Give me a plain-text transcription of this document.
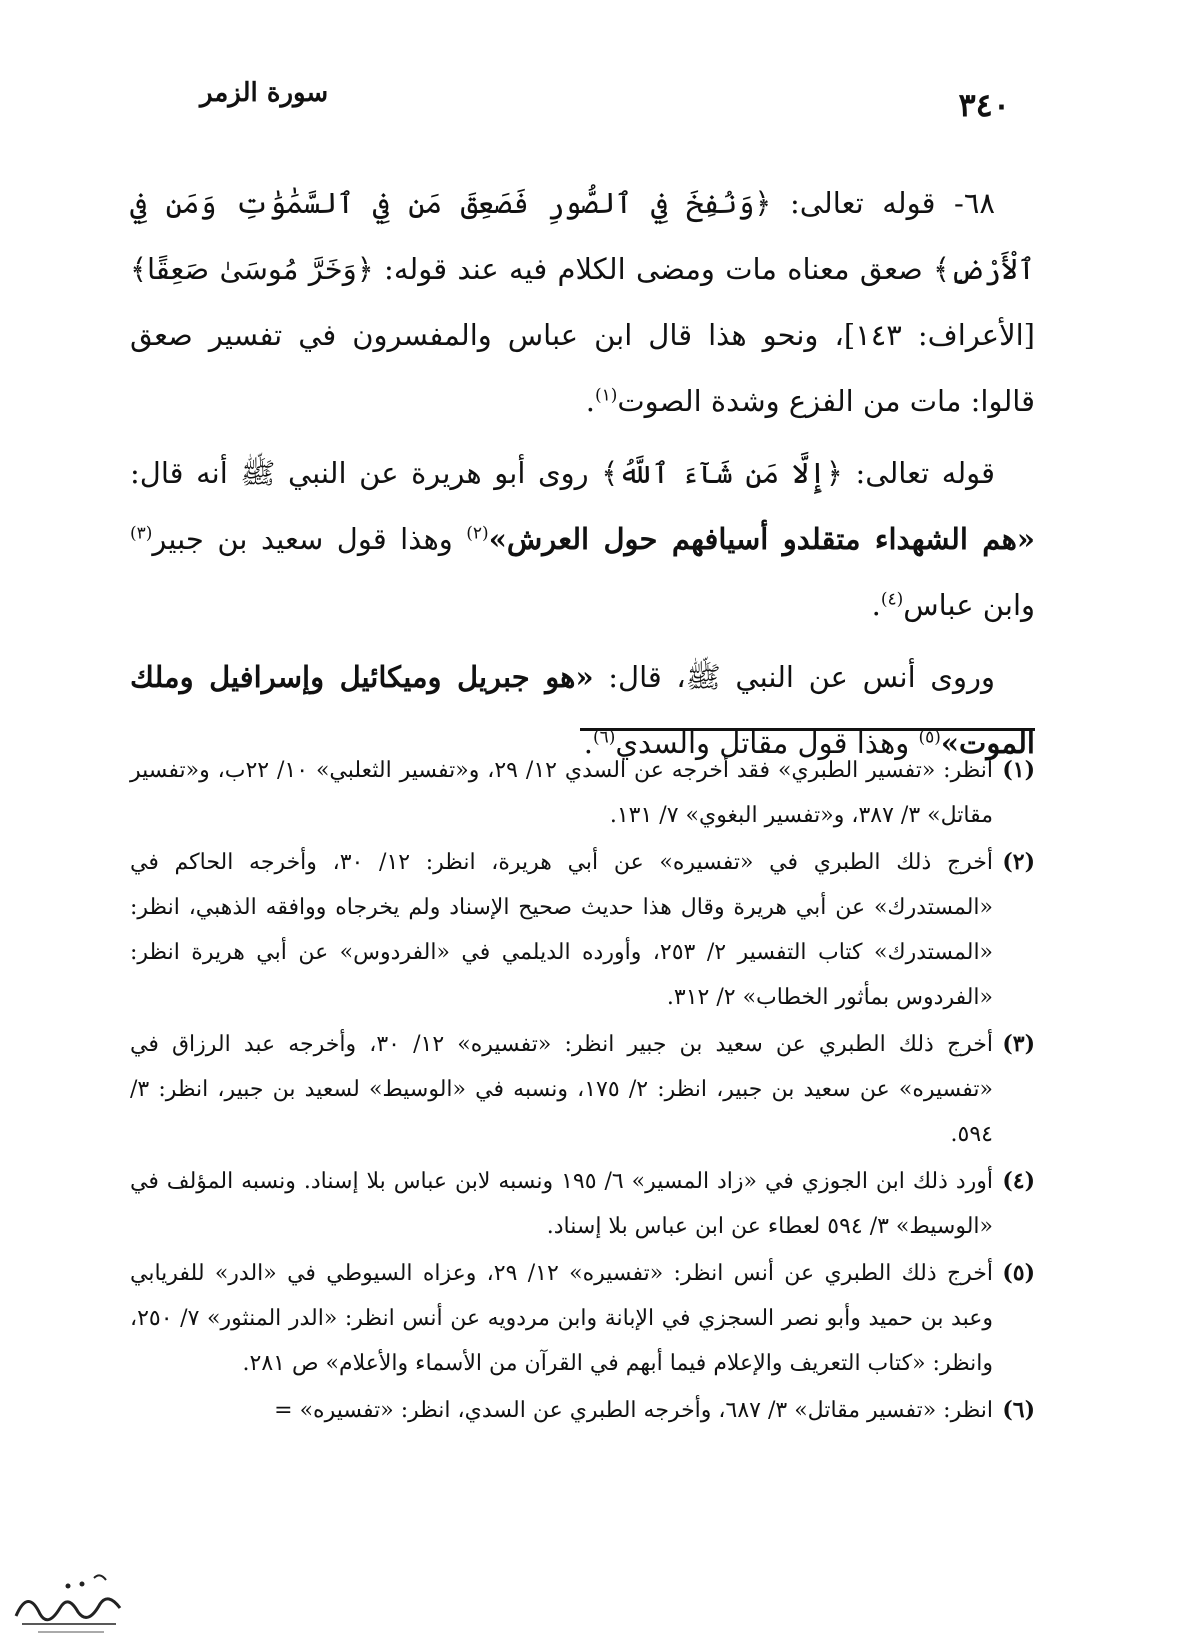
٣٤٠
سورة الزمر

٦٨- قوله تعالى: ﴿وَنُفِخَ فِي ٱلصُّورِ فَصَعِقَ مَن فِي ٱلسَّمَٰوَٰتِ وَمَن فِي ٱلْأَرْضِ﴾ صعق معناه مات ومضى الكلام فيه عند قوله: ﴿وَخَرَّ مُوسَىٰ صَعِقًا﴾ [الأعراف: ١٤٣]، ونحو هذا قال ابن عباس والمفسرون في تفسير صعق قالوا: مات من الفزع وشدة الصوت$^{(١)}$.

قوله تعالى: ﴿إِلَّا مَن شَآءَ ٱللَّهُ﴾ روى أبو هريرة عن النبي ﷺ أنه قال: «هم الشهداء متقلدو أسيافهم حول العرش»$^{(٢)}$ وهذا قول سعيد بن جبير$^{(٣)}$ وابن عباس$^{(٤)}$.

وروى أنس عن النبي ﷺ، قال: «هو جبريل وميكائيل وإسرافيل وملك الموت»$^{(٥)}$ وهذا قول مقاتل والسدي$^{(٦)}$.

(١)
انظر: «تفسير الطبري» فقد أخرجه عن السدي ١٢/ ٢٩، و«تفسير الثعلبي» ١٠/ ٢٢ب، و«تفسير مقاتل» ٣/ ٣٨٧، و«تفسير البغوي» ٧/ ١٣١.
(٢)
أخرج ذلك الطبري في «تفسيره» عن أبي هريرة، انظر: ١٢/ ٣٠، وأخرجه الحاكم في «المستدرك» عن أبي هريرة وقال هذا حديث صحيح الإسناد ولم يخرجاه ووافقه الذهبي، انظر: «المستدرك» كتاب التفسير ٢/ ٢٥٣، وأورده الديلمي في «الفردوس» عن أبي هريرة انظر: «الفردوس بمأثور الخطاب» ٢/ ٣١٢.
(٣)
أخرج ذلك الطبري عن سعيد بن جبير انظر: «تفسيره» ١٢/ ٣٠، وأخرجه عبد الرزاق في «تفسيره» عن سعيد بن جبير، انظر: ٢/ ١٧٥، ونسبه في «الوسيط» لسعيد بن جبير، انظر: ٣/ ٥٩٤.
(٤)
أورد ذلك ابن الجوزي في «زاد المسير» ٦/ ١٩٥ ونسبه لابن عباس بلا إسناد. ونسبه المؤلف في «الوسيط» ٣/ ٥٩٤ لعطاء عن ابن عباس بلا إسناد.
(٥)
أخرج ذلك الطبري عن أنس انظر: «تفسيره» ١٢/ ٢٩، وعزاه السيوطي في «الدر» للفريابي وعبد بن حميد وأبو نصر السجزي في الإبانة وابن مردويه عن أنس انظر: «الدر المنثور» ٧/ ٢٥٠، وانظر: «كتاب التعريف والإعلام فيما أبهم في القرآن من الأسماء والأعلام» ص ٢٨١.
(٦)
انظر: «تفسير مقاتل» ٣/ ٦٨٧، وأخرجه الطبري عن السدي، انظر: «تفسيره» =
